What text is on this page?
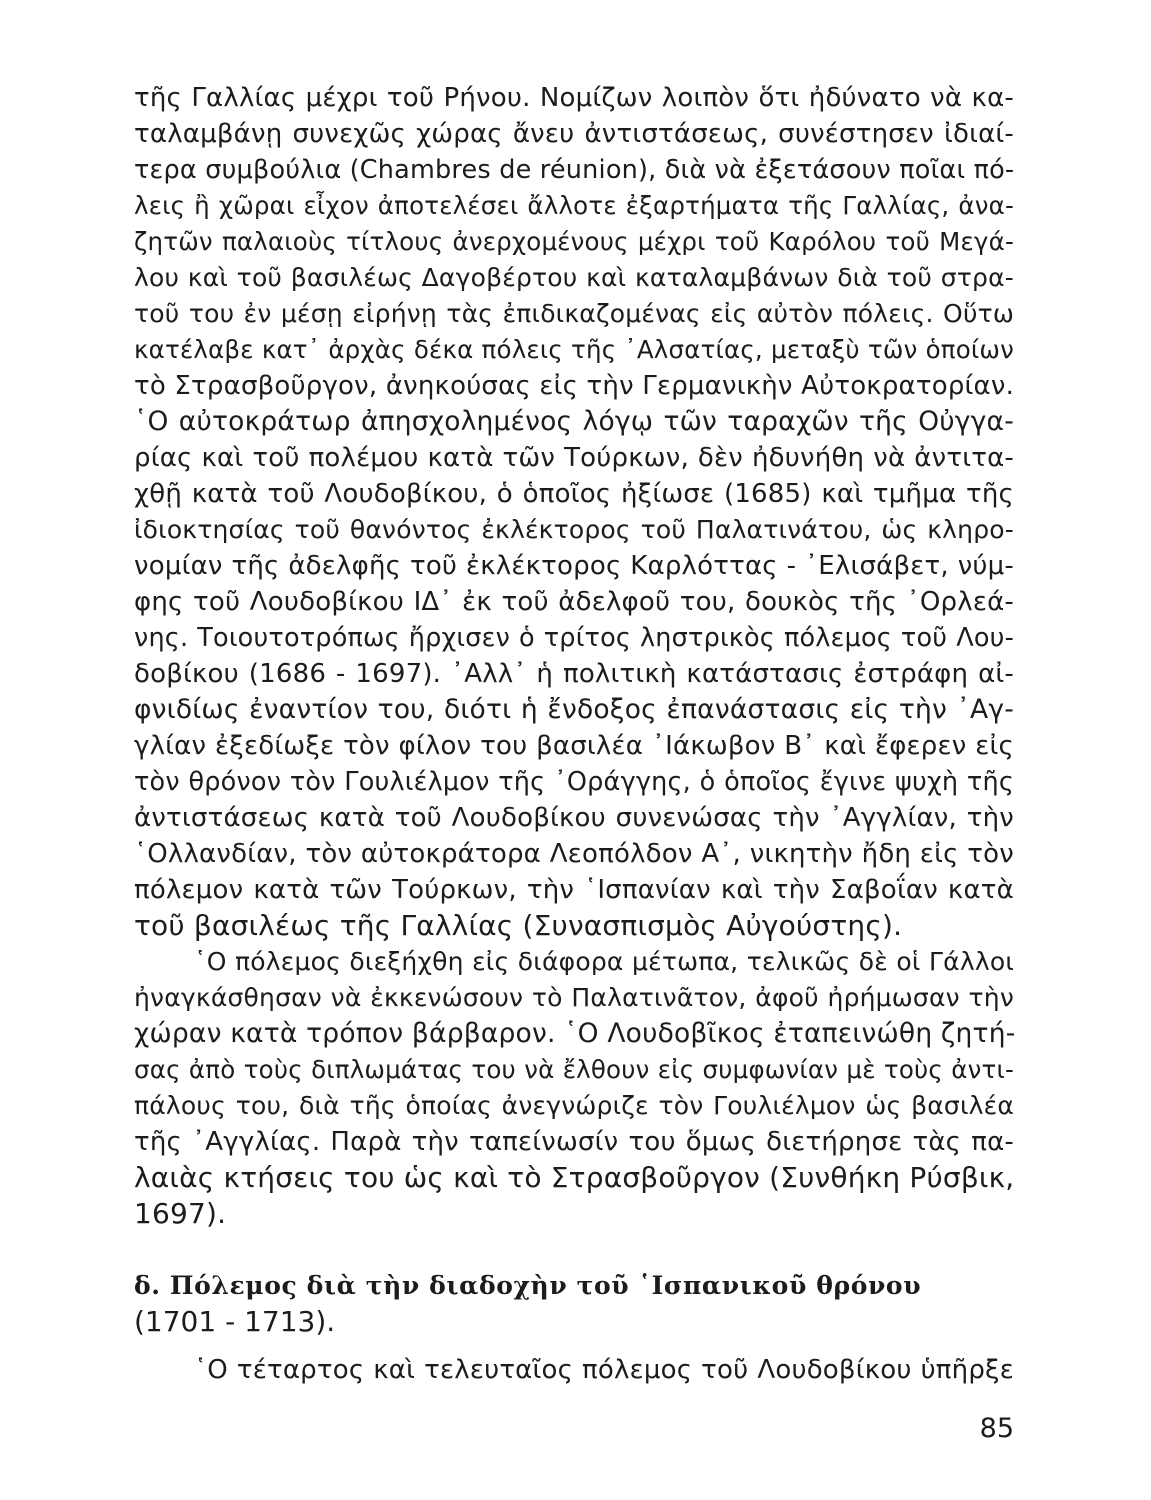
τῆς Γαλλίας μέχρι τοῦ Ρήνου. Νομίζων λοιπὸν ὅτι ἠδύνατο νὰ κα-
ταλαμβάνῃ συνεχῶς χώρας ἄνευ ἀντιστάσεως, συνέστησεν ἰδιαί-
τερα συμβούλια (Chambres de réunion), διὰ νὰ ἐξετάσουν ποῖαι πό-
λεις ἢ χῶραι εἶχον ἀποτελέσει ἄλλοτε ἐξαρτήματα τῆς Γαλλίας, ἀνα-
ζητῶν παλαιοὺς τίτλους ἀνερχομένους μέχρι τοῦ Καρόλου τοῦ Μεγά-
λου καὶ τοῦ βασιλέως Δαγοβέρτου καὶ καταλαμβάνων διὰ τοῦ στρα-
τοῦ του ἐν μέσῃ εἰρήνῃ τὰς ἐπιδικαζομένας εἰς αὐτὸν πόλεις. Οὕτω
κατέλαβε κατ᾽ ἀρχὰς δέκα πόλεις τῆς ᾽Αλσατίας, μεταξὺ τῶν ὁποίων
τὸ Στρασβοῦργον, ἀνηκούσας εἰς τὴν Γερμανικὴν Αὐτοκρατορίαν.
῾Ο αὐτοκράτωρ ἀπησχολημένος λόγῳ τῶν ταραχῶν τῆς Οὐγγα-
ρίας καὶ τοῦ πολέμου κατὰ τῶν Τούρκων, δὲν ἠδυνήθη νὰ ἀντιτα-
χθῇ κατὰ τοῦ Λουδοβίκου, ὁ ὁποῖος ἠξίωσε (1685) καὶ τμῆμα τῆς
ἰδιοκτησίας τοῦ θανόντος ἐκλέκτορος τοῦ Παλατινάτου, ὡς κληρο-
νομίαν τῆς ἀδελφῆς τοῦ ἐκλέκτορος Καρλόττας - ᾽Ελισάβετ, νύμ-
φης τοῦ Λουδοβίκου ΙΔ᾽ ἐκ τοῦ ἀδελφοῦ του, δουκὸς τῆς ᾽Ορλεά-
νης. Τοιουτοτρόπως ἤρχισεν ὁ τρίτος ληστρικὸς πόλεμος τοῦ Λου-
δοβίκου (1686 - 1697). ᾽Αλλ᾽ ἡ πολιτικὴ κατάστασις ἐστράφη αἰ-
φνιδίως ἐναντίον του, διότι ἡ ἔνδοξος ἐπανάστασις εἰς τὴν ᾽Αγ-
γλίαν ἐξεδίωξε τὸν φίλον του βασιλέα ᾽Ιάκωβον Β᾽ καὶ ἔφερεν εἰς
τὸν θρόνον τὸν Γουλιέλμον τῆς ᾽Οράγγης, ὁ ὁποῖος ἔγινε ψυχὴ τῆς
ἀντιστάσεως κατὰ τοῦ Λουδοβίκου συνενώσας τὴν ᾽Αγγλίαν, τὴν
῾Ολλανδίαν, τὸν αὐτοκράτορα Λεοπόλδον Α᾽, νικητὴν ἤδη εἰς τὸν
πόλεμον κατὰ τῶν Τούρκων, τὴν ῾Ισπανίαν καὶ τὴν Σαβοΐαν κατὰ
τοῦ βασιλέως τῆς Γαλλίας (Συνασπισμὸς Αὐγούστης).
῾Ο πόλεμος διεξήχθη εἰς διάφορα μέτωπα, τελικῶς δὲ οἱ Γάλλοι
ἠναγκάσθησαν νὰ ἐκκενώσουν τὸ Παλατινᾶτον, ἀφοῦ ἠρήμωσαν τὴν
χώραν κατὰ τρόπον βάρβαρον. ῾Ο Λουδοβῖκος ἐταπεινώθη ζητή-
σας ἀπὸ τοὺς διπλωμάτας του νὰ ἔλθουν εἰς συμφωνίαν μὲ τοὺς ἀντι-
πάλους του, διὰ τῆς ὁποίας ἀνεγνώριζε τὸν Γουλιέλμον ὡς βασιλέα
τῆς ᾽Αγγλίας. Παρὰ τὴν ταπείνωσίν του ὅμως διετήρησε τὰς πα-
λαιὰς κτήσεις του ὡς καὶ τὸ Στρασβοῦργον (Συνθήκη Ρύσβικ,
1697).
δ. Πόλεμος διὰ τὴν διαδοχὴν τοῦ ῾Ισπανικοῦ θρόνου
(1701 - 1713).
῾Ο τέταρτος καὶ τελευταῖος πόλεμος τοῦ Λουδοβίκου ὑπῆρξε
85
